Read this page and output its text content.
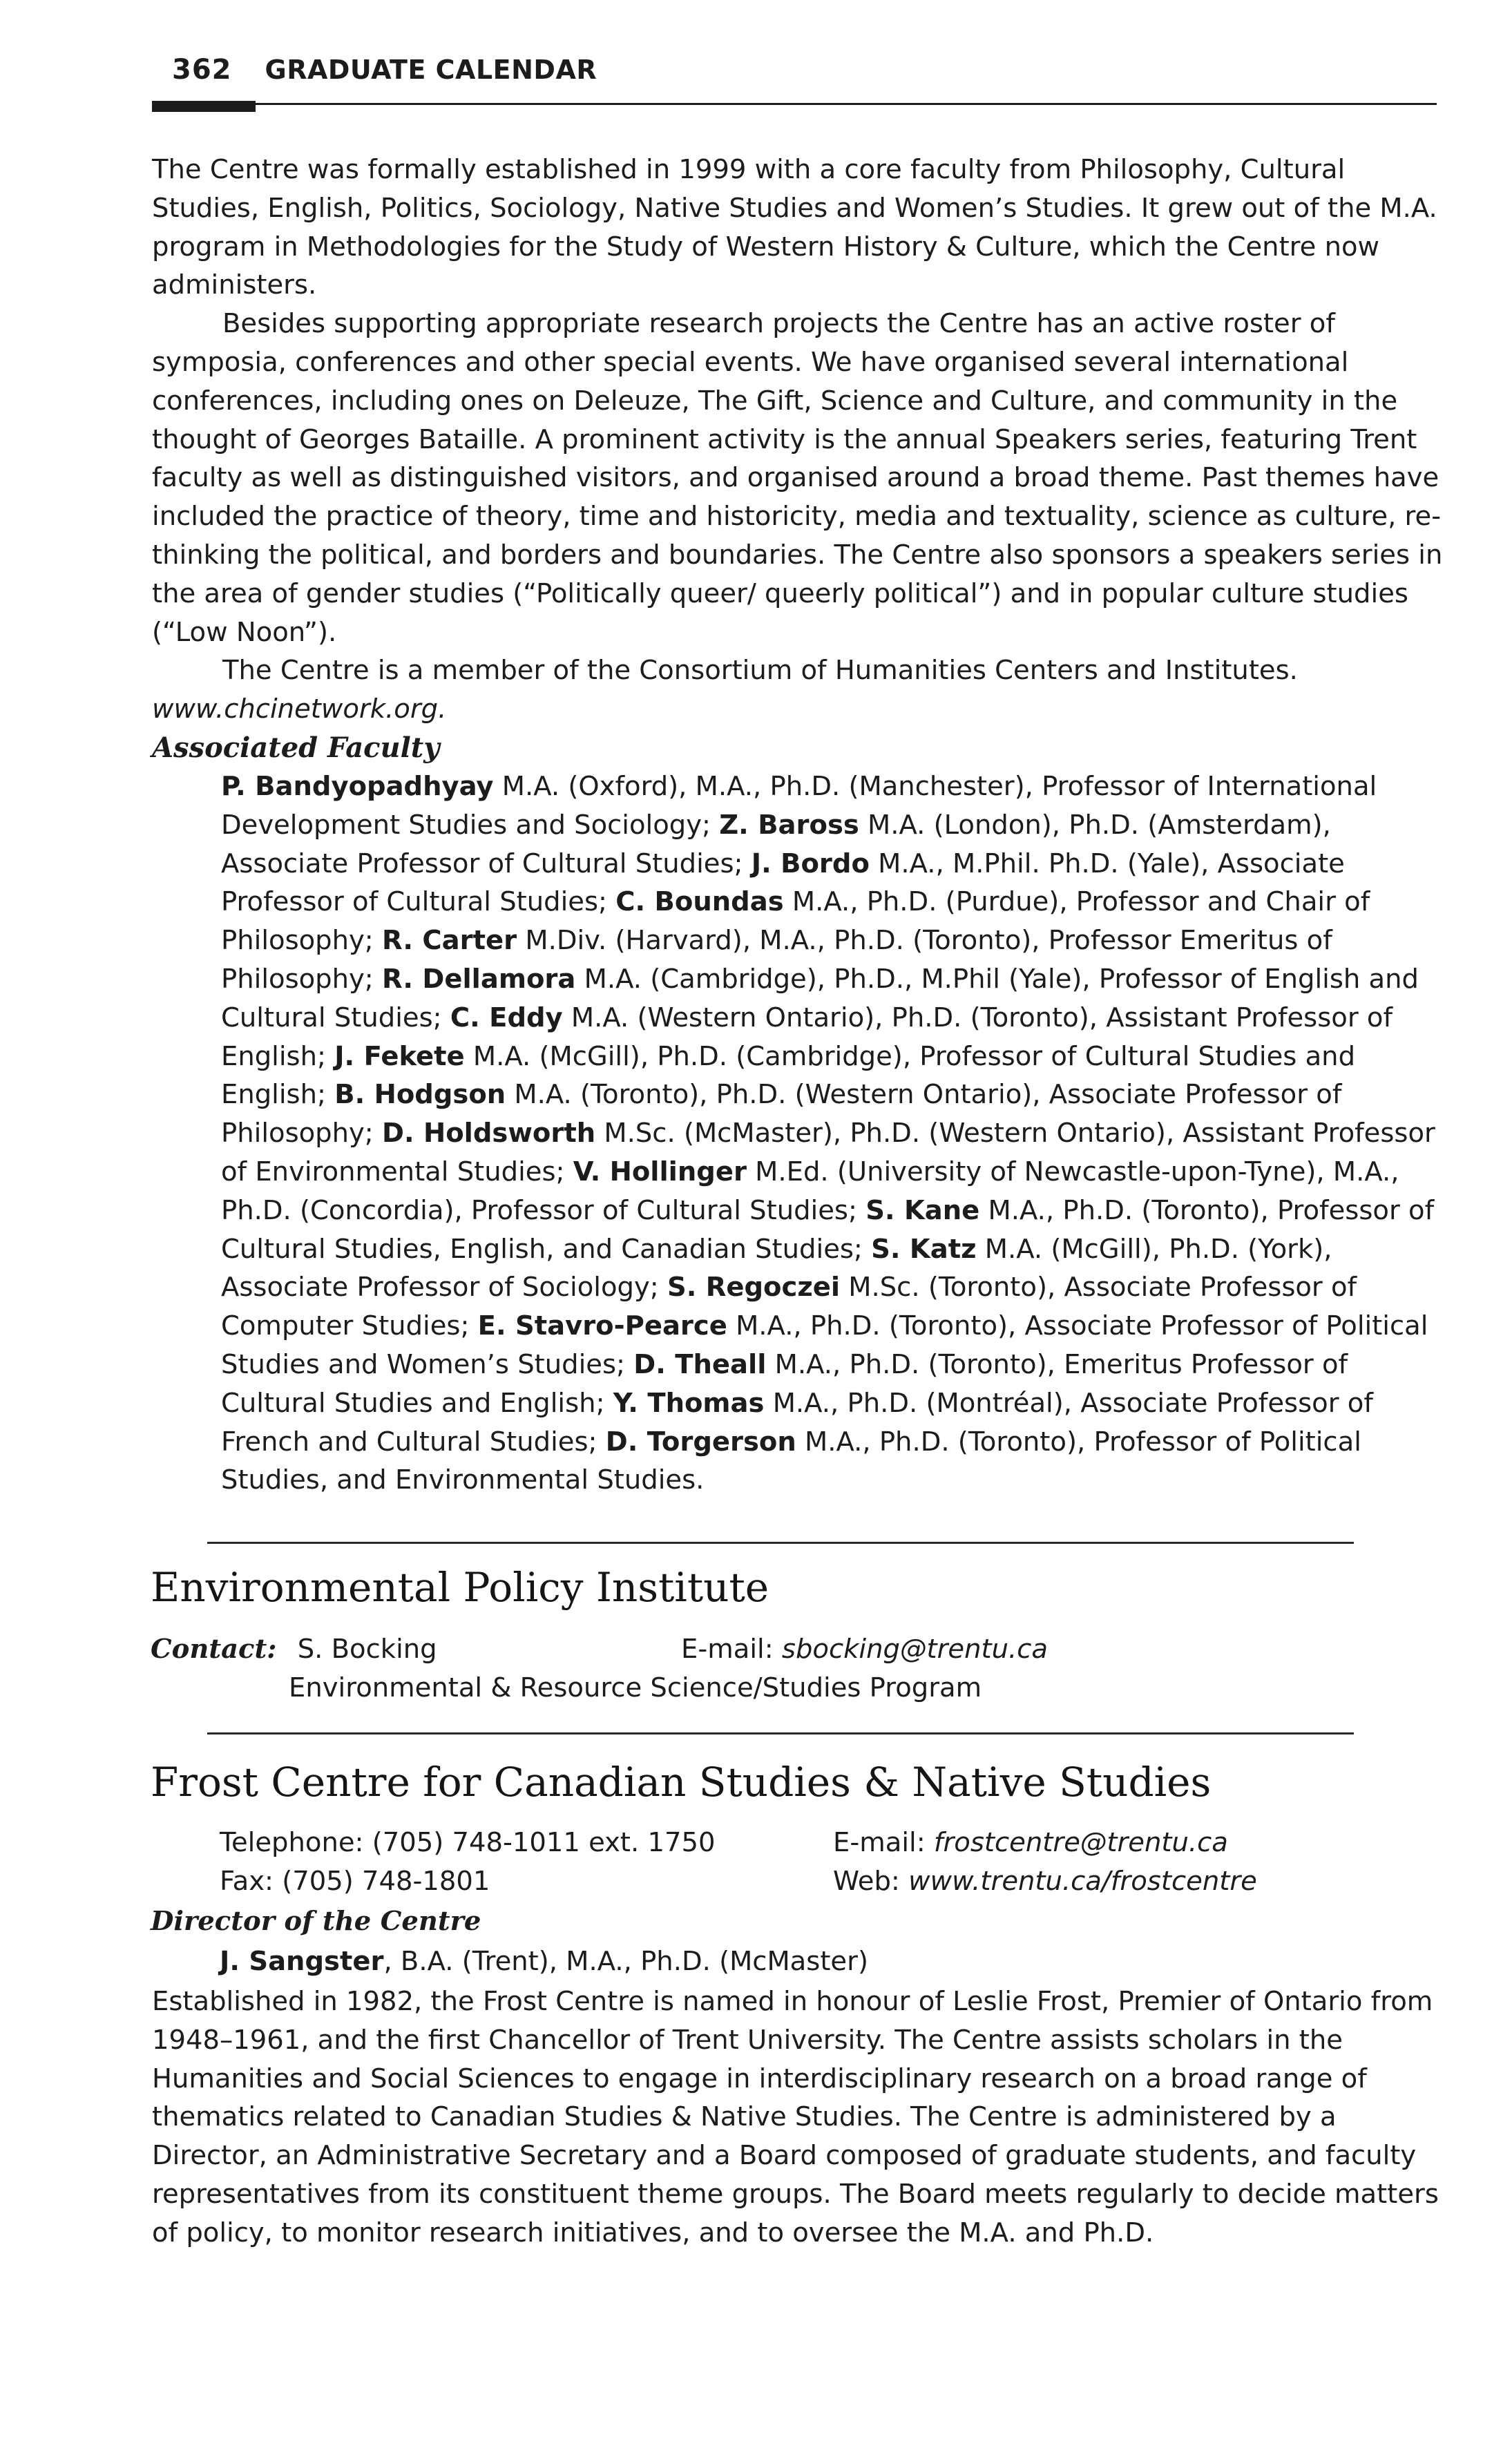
362 GRADUATE CALENDAR

The Centre was formally established in 1999 with a core faculty from Philosophy, Cultural Studies, English, Politics, Sociology, Native Studies and Women’s Studies. It grew out of the M.A. program in Methodologies for the Study of Western History & Culture, which the Centre now administers.

Besides supporting appropriate research projects the Centre has an active roster of symposia, conferences and other special events. We have organised several international conferences, including ones on Deleuze, The Gift, Science and Culture, and community in the thought of Georges Bataille. A prominent activity is the annual Speakers series, featuring Trent faculty as well as distinguished visitors, and organised around a broad theme. Past themes have included the practice of theory, time and historicity, media and textuality, science as culture, re-thinking the political, and borders and boundaries. The Centre also sponsors a speakers series in the area of gender studies (“Politically queer/ queerly political”) and in popular culture studies (“Low Noon”).

The Centre is a member of the Consortium of Humanities Centers and Institutes.

www.chcinetwork.org.

Associated Faculty

P. Bandyopadhyay M.A. (Oxford), M.A., Ph.D. (Manchester), Professor of International Development Studies and Sociology; Z. Baross M.A. (London), Ph.D. (Amsterdam), Associate Professor of Cultural Studies; J. Bordo M.A., M.Phil. Ph.D. (Yale), Associate Professor of Cultural Studies; C. Boundas M.A., Ph.D. (Purdue), Professor and Chair of Philosophy; R. Carter M.Div. (Harvard), M.A., Ph.D. (Toronto), Professor Emeritus of Philosophy; R. Dellamora M.A. (Cambridge), Ph.D., M.Phil (Yale), Professor of English and Cultural Studies; C. Eddy M.A. (Western Ontario), Ph.D. (Toronto), Assistant Professor of English; J. Fekete M.A. (McGill), Ph.D. (Cambridge), Professor of Cultural Studies and English; B. Hodgson M.A. (Toronto), Ph.D. (Western Ontario), Associate Professor of Philosophy; D. Holdsworth M.Sc. (McMaster), Ph.D. (Western Ontario), Assistant Professor of Environmental Studies; V. Hollinger M.Ed. (University of Newcastle-upon-Tyne), M.A., Ph.D. (Concordia), Professor of Cultural Studies; S. Kane M.A., Ph.D. (Toronto), Professor of Cultural Studies, English, and Canadian Studies; S. Katz M.A. (McGill), Ph.D. (York), Associate Professor of Sociology; S. Regoczei M.Sc. (Toronto), Associate Professor of Computer Studies; E. Stavro-Pearce M.A., Ph.D. (Toronto), Associate Professor of Political Studies and Women’s Studies; D. Theall M.A., Ph.D. (Toronto), Emeritus Professor of Cultural Studies and English; Y. Thomas M.A., Ph.D. (Montréal), Associate Professor of French and Cultural Studies; D. Torgerson M.A., Ph.D. (Toronto), Professor of Political Studies, and Environmental Studies.

Environmental Policy Institute
Contact: S. Bocking	E-mail: sbocking@trentu.ca
Environmental & Resource Science/Studies Program
Frost Centre for Canadian Studies & Native Studies
Telephone: (705) 748-1011 ext. 1750
Fax: (705) 748-1801
E-mail: frostcentre@trentu.ca
Web: www.trentu.ca/frostcentre
Director of the Centre
J. Sangster, B.A. (Trent), M.A., Ph.D. (McMaster)

Established in 1982, the Frost Centre is named in honour of Leslie Frost, Premier of Ontario from 1948–1961, and the first Chancellor of Trent University. The Centre assists scholars in the Humanities and Social Sciences to engage in interdisciplinary research on a broad range of thematics related to Canadian Studies & Native Studies. The Centre is administered by a Director, an Administrative Secretary and a Board composed of graduate students, and faculty representatives from its constituent theme groups. The Board meets regularly to decide matters of policy, to monitor research initiatives, and to oversee the M.A. and Ph.D.
